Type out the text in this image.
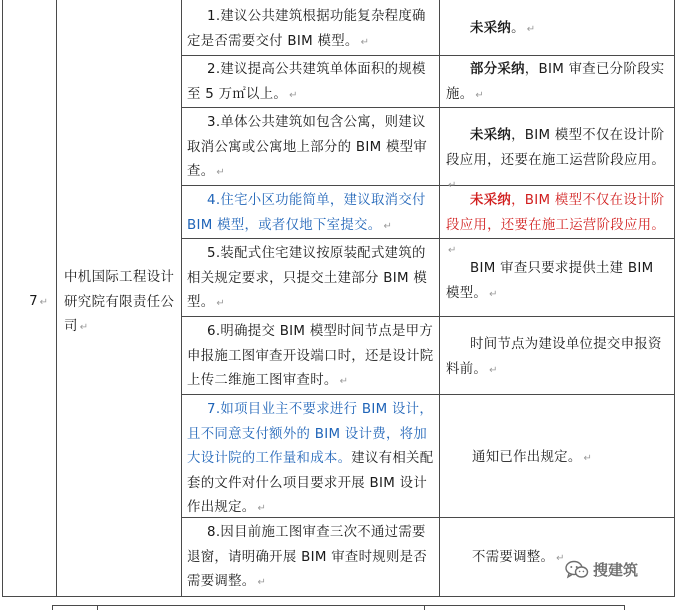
7 ↵
中机国际工程设计研究院有限责任公司 ↵
1.建议公共建筑根据功能复杂程度确定是否需要交付 BIM 模型。 ↵
未采纳。 ↵
2.建议提高公共建筑单体面积的规模至 5 万㎡以上。 ↵
部分采纳，BIM 审查已分阶段实施。 ↵
3.单体公共建筑如包含公寓，则建议取消公寓或公寓地上部分的 BIM 模型审查。 ↵
未采纳，BIM 模型不仅在设计阶段应用，还要在施工运营阶段应用。↵
4.住宅小区功能简单，建议取消交付 BIM 模型，或者仅地下室提交。 ↵
未采纳，BIM 模型不仅在设计阶段应用，还要在施工运营阶段应用。↵
5.装配式住宅建议按原装配式建筑的相关规定要求，只提交土建部分 BIM 模型。 ↵
BIM 审查只要求提供土建 BIM 模型。 ↵
6.明确提交 BIM 模型时间节点是甲方申报施工图审查开设端口时，还是设计院上传二维施工图审查时。 ↵
时间节点为建设单位提交申报资料前。 ↵
7.如项目业主不要求进行 BIM 设计，且不同意支付额外的 BIM 设计费，将加大设计院的工作量和成本。建议有相关配套的文件对什么项目要求开展 BIM 设计作出规定。 ↵
通知已作出规定。 ↵
8.因目前施工图审查三次不通过需要退窗，请明确开展 BIM 审查时规则是否需要调整。 ↵
不需要调整。 ↵
搜建筑
